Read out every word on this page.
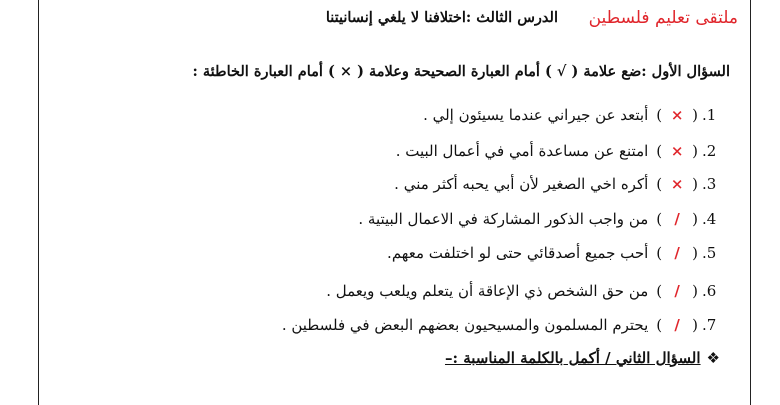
ملتقى تعليم فلسطين
الدرس الثالث :اختلافنا لا يلغي إنسانيتنا
السؤال الأول :ضع علامة ( √ ) أمام العبارة الصحيحة وعلامة ( × ) أمام العبارة الخاطئة :
1.(×)أبتعد عن جيراني عندما يسيئون إلي .
2.(×)امتنع عن مساعدة أمي في أعمال البيت .
3.(×)أكره اخي الصغير لأن أبي يحبه أكثر مني .
4.(/)من واجب الذكور المشاركة في الاعمال البيتية .
5.(/)أحب جميع أصدقائي حتى لو اختلفت معهم.
6.(/)من حق الشخص ذي الإعاقة أن يتعلم ويلعب ويعمل .
7.(/)يحترم المسلمون والمسيحيون بعضهم البعض في فلسطين .
❖السؤال الثاني / أكمل بالكلمة المناسبة :–
